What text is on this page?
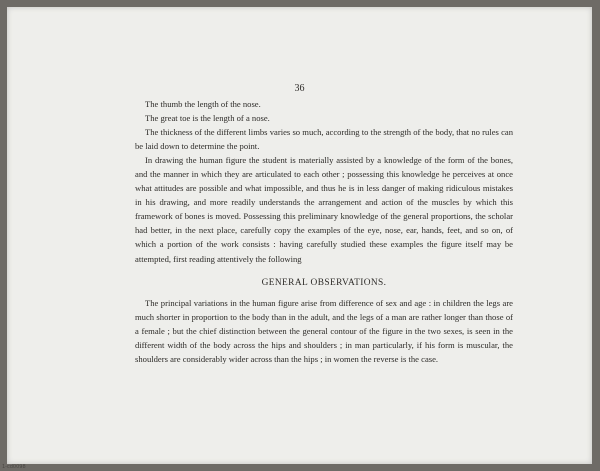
36

The thumb the length of the nose.

The great toe is the length of a nose.

The thickness of the different limbs varies so much, according to the strength of the body, that no rules can be laid down to determine the point.

In drawing the human figure the student is materially assisted by a knowledge of the form of the bones, and the manner in which they are articulated to each other ; possessing this knowledge he perceives at once what attitudes are possible and what impossible, and thus he is in less danger of making ridiculous mistakes in his drawing, and more readily understands the arrangement and action of the muscles by which this framework of bones is moved. Possessing this preliminary knowledge of the general proportions, the scholar had better, in the next place, carefully copy the examples of the eye, nose, ear, hands, feet, and so on, of which a portion of the work consists : having carefully studied these examples the figure itself may be attempted, first reading attentively the following

GENERAL OBSERVATIONS.

The principal variations in the human figure arise from difference of sex and age : in children the legs are much shorter in proportion to the body than in the adult, and the legs of a man are rather longer than those of a female ; but the chief distinction between the general contour of the figure in the two sexes, is seen in the different width of the body across the hips and shoulders ; in man particularly, if his form is muscular, the shoulders are considerably wider across than the hips ; in women the reverse is the case.

1-cd0098
